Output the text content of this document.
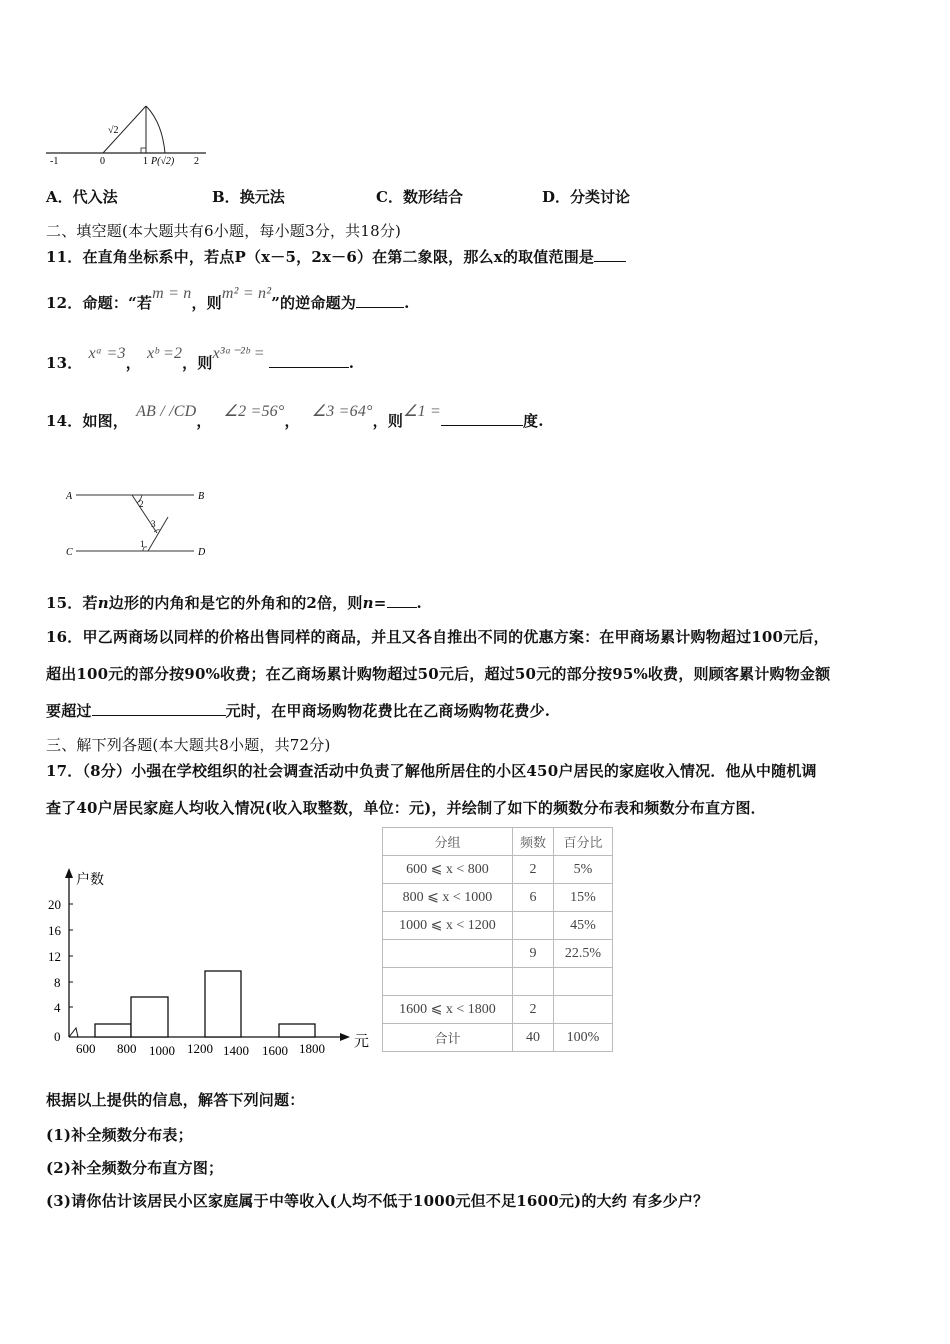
-1	0	1	2
√2
P(√2)
A．代入法	B．换元法	C．数形结合	D．分类讨论
二、填空题(本大题共有6小题，每小题3分，共18分)
11．在直角坐标系中，若点P（x－5，2x－6）在第二象限，那么x的取值范围是
12．命题：“若m = n，则m² = n²”的逆命题为	.
13．xᵃ =3，xᵇ =2，则x³ᵃ⁻²ᵇ =.
14．如图，AB / /CD，∠2 =56°，∠3 =64°，则∠1 =度.
A	B
C	D
1
2
3
15．若n边形的内角和是它的外角和的2倍，则n= .
16．甲乙两商场以同样的价格出售同样的商品，并且又各自推出不同的优惠方案：在甲商场累计购物超过100元后，
超出100元的部分按90%收费；在乙商场累计购物超过50元后，超过50元的部分按95%收费，则顾客累计购物金额
要超过	元时，在甲商场购物花费比在乙商场购物花费少.
三、解下列各题(本大题共8小题，共72分)
17．（8分）小强在学校组织的社会调查活动中负责了解他所居住的小区450户居民的家庭收入情况．他从中随机调
查了40户居民家庭人均收入情况(收入取整数，单位：元)，并绘制了如下的频数分布表和频数分布直方图．
20
16
12
8
4
0
户数
元
600 800 1000 1200 1400 1600 1800
分组	频数	百分比
600 ⩽ x < 800	2	5%
800 ⩽ x < 1000	6	15%
1000 ⩽ x < 1200		45%
	9	22.5%

1600 ⩽ x < 1800	2	
合计	40	100%
根据以上提供的信息，解答下列问题：
(1)补全频数分布表；
(2)补全频数分布直方图；
(3)请你估计该居民小区家庭属于中等收入(人均不低于1000元但不足1600元)的大约 有多少户？
